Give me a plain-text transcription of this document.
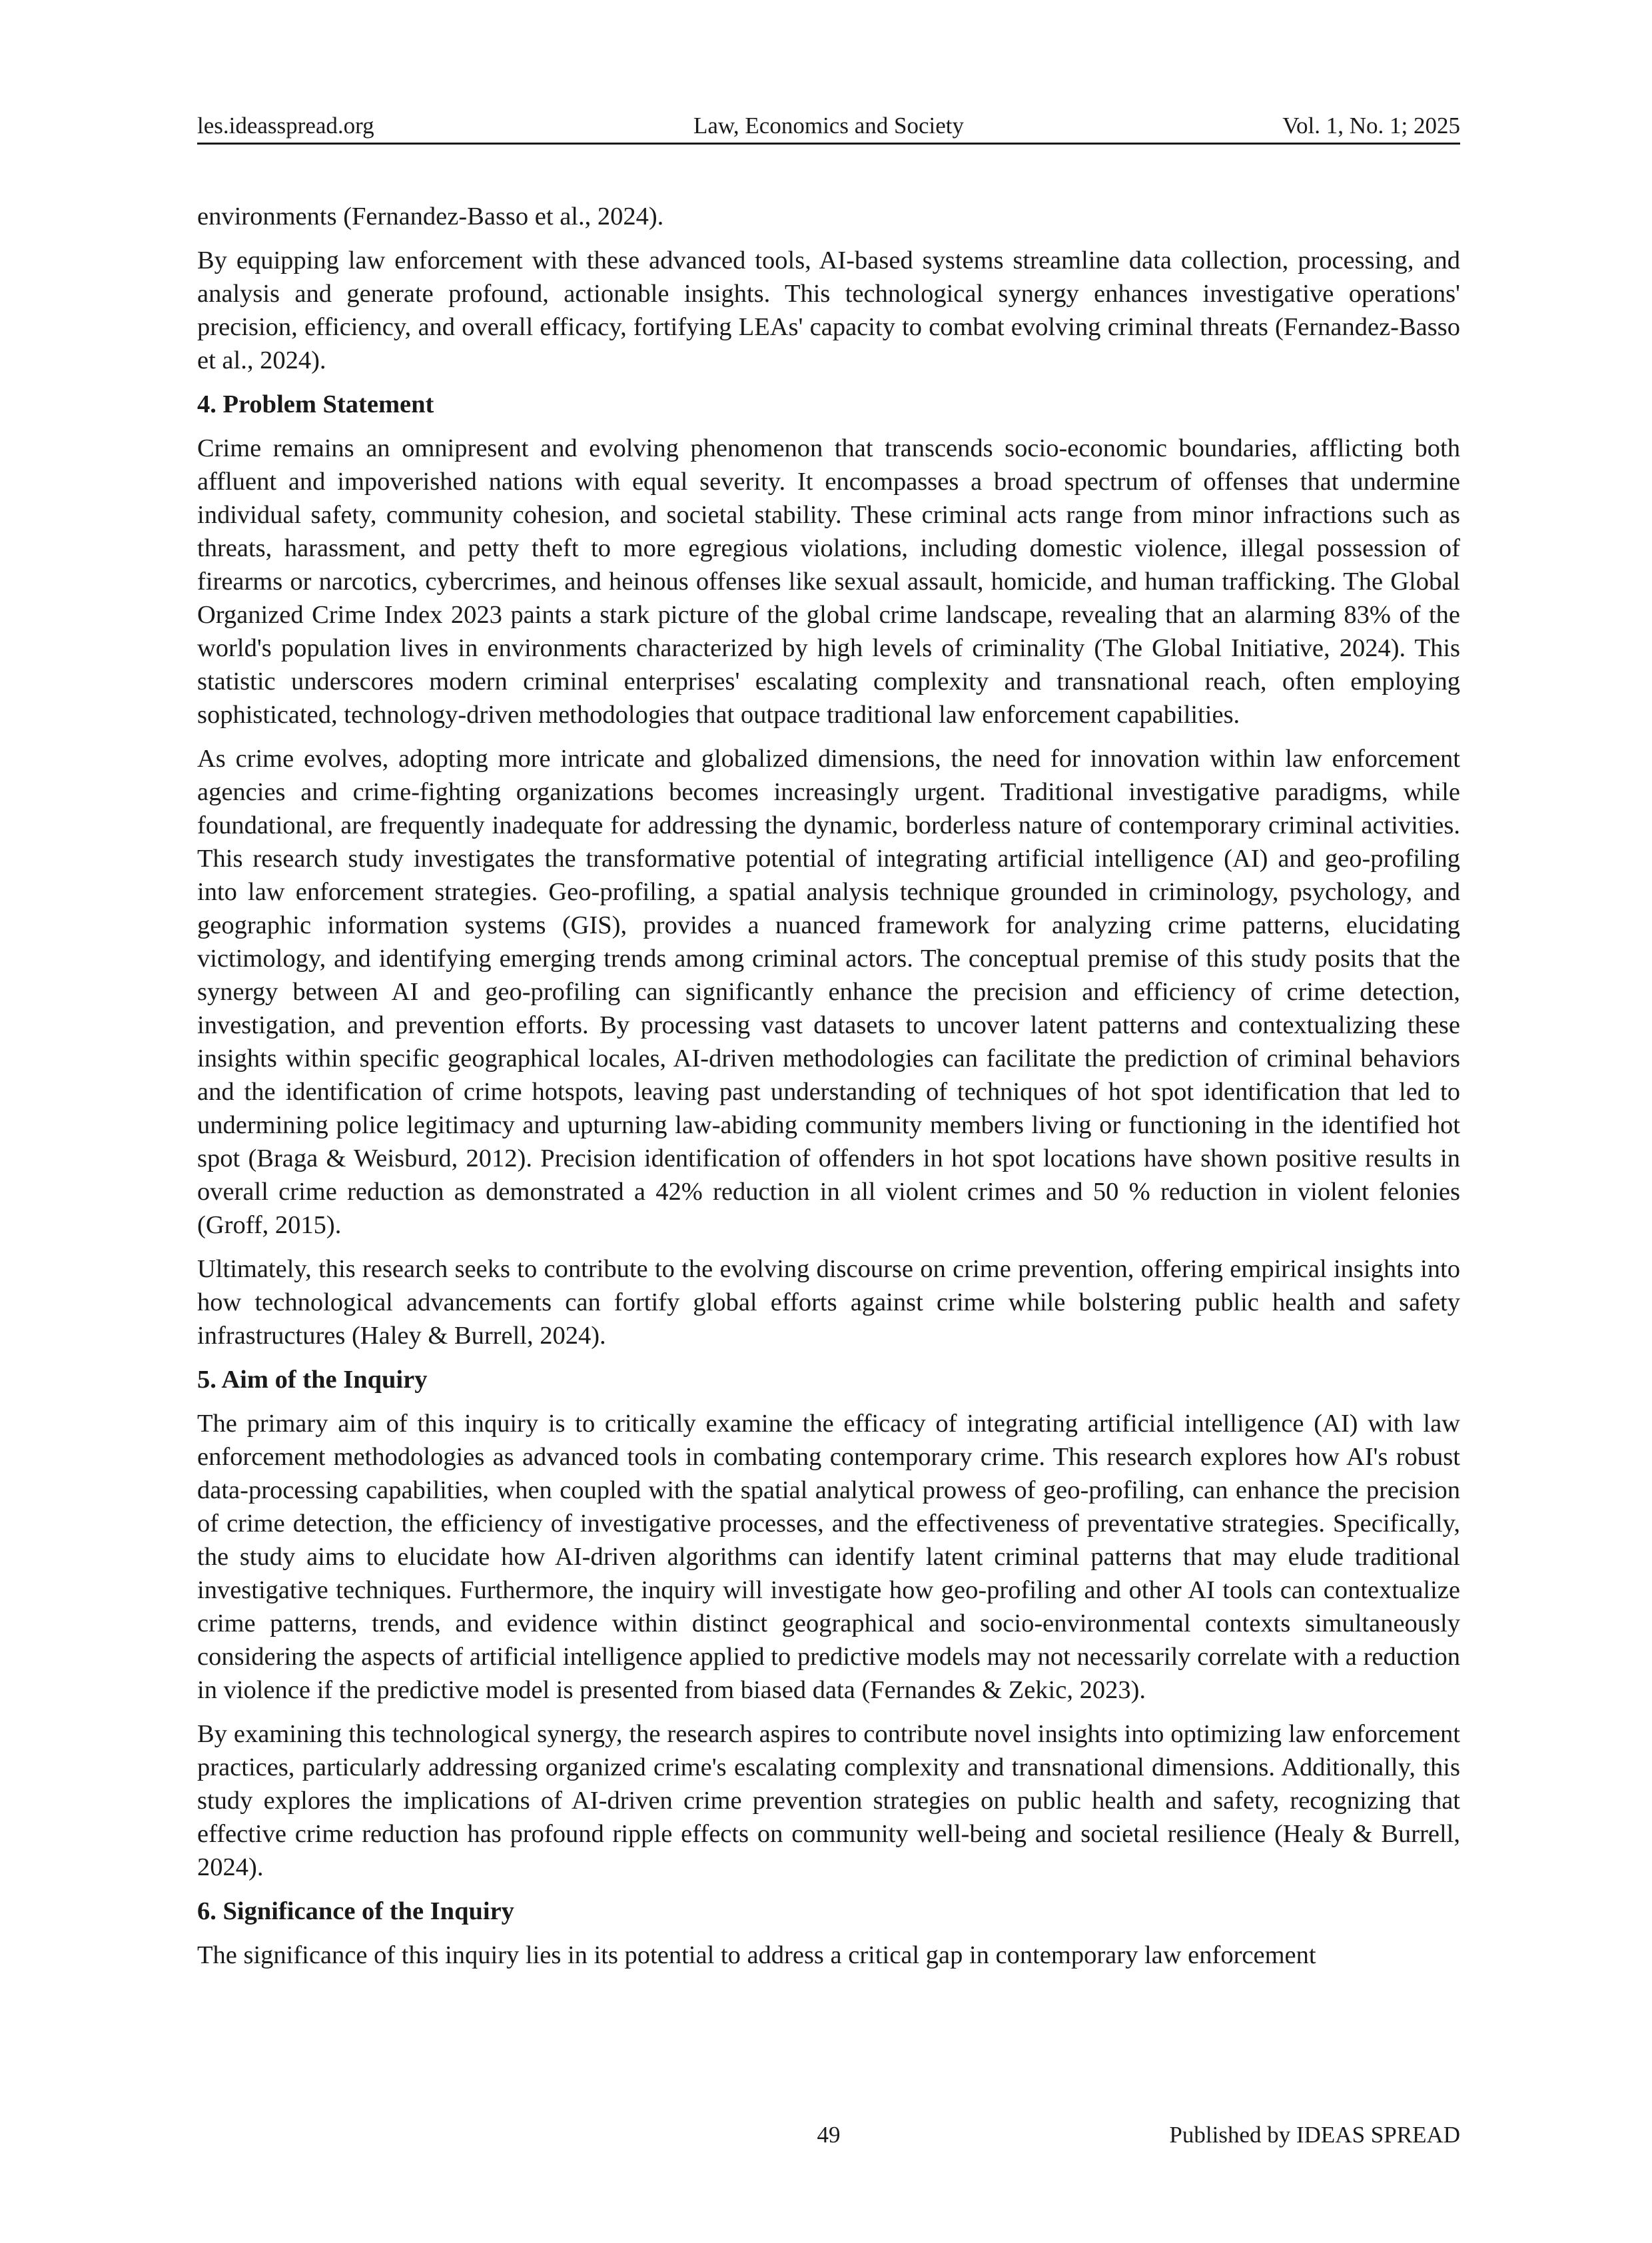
les.ideasspread.org	Law, Economics and Society	Vol. 1, No. 1; 2025

environments (Fernandez-Basso et al., 2024).

By equipping law enforcement with these advanced tools, AI-based systems streamline data collection, processing, and analysis and generate profound, actionable insights. This technological synergy enhances investigative operations' precision, efficiency, and overall efficacy, fortifying LEAs' capacity to combat evolving criminal threats (Fernandez-Basso et al., 2024).

4. Problem Statement

Crime remains an omnipresent and evolving phenomenon that transcends socio-economic boundaries, afflicting both affluent and impoverished nations with equal severity. It encompasses a broad spectrum of offenses that undermine individual safety, community cohesion, and societal stability. These criminal acts range from minor infractions such as threats, harassment, and petty theft to more egregious violations, including domestic violence, illegal possession of firearms or narcotics, cybercrimes, and heinous offenses like sexual assault, homicide, and human trafficking. The Global Organized Crime Index 2023 paints a stark picture of the global crime landscape, revealing that an alarming 83% of the world's population lives in environments characterized by high levels of criminality (The Global Initiative, 2024). This statistic underscores modern criminal enterprises' escalating complexity and transnational reach, often employing sophisticated, technology-driven methodologies that outpace traditional law enforcement capabilities.

As crime evolves, adopting more intricate and globalized dimensions, the need for innovation within law enforcement agencies and crime-fighting organizations becomes increasingly urgent. Traditional investigative paradigms, while foundational, are frequently inadequate for addressing the dynamic, borderless nature of contemporary criminal activities. This research study investigates the transformative potential of integrating artificial intelligence (AI) and geo-profiling into law enforcement strategies. Geo-profiling, a spatial analysis technique grounded in criminology, psychology, and geographic information systems (GIS), provides a nuanced framework for analyzing crime patterns, elucidating victimology, and identifying emerging trends among criminal actors. The conceptual premise of this study posits that the synergy between AI and geo-profiling can significantly enhance the precision and efficiency of crime detection, investigation, and prevention efforts. By processing vast datasets to uncover latent patterns and contextualizing these insights within specific geographical locales, AI-driven methodologies can facilitate the prediction of criminal behaviors and the identification of crime hotspots, leaving past understanding of techniques of hot spot identification that led to undermining police legitimacy and upturning law-abiding community members living or functioning in the identified hot spot (Braga & Weisburd, 2012). Precision identification of offenders in hot spot locations have shown positive results in overall crime reduction as demonstrated a 42% reduction in all violent crimes and 50 % reduction in violent felonies (Groff, 2015).

Ultimately, this research seeks to contribute to the evolving discourse on crime prevention, offering empirical insights into how technological advancements can fortify global efforts against crime while bolstering public health and safety infrastructures (Haley & Burrell, 2024).

5. Aim of the Inquiry

The primary aim of this inquiry is to critically examine the efficacy of integrating artificial intelligence (AI) with law enforcement methodologies as advanced tools in combating contemporary crime. This research explores how AI's robust data-processing capabilities, when coupled with the spatial analytical prowess of geo-profiling, can enhance the precision of crime detection, the efficiency of investigative processes, and the effectiveness of preventative strategies. Specifically, the study aims to elucidate how AI-driven algorithms can identify latent criminal patterns that may elude traditional investigative techniques. Furthermore, the inquiry will investigate how geo-profiling and other AI tools can contextualize crime patterns, trends, and evidence within distinct geographical and socio-environmental contexts simultaneously considering the aspects of artificial intelligence applied to predictive models may not necessarily correlate with a reduction in violence if the predictive model is presented from biased data (Fernandes & Zekic, 2023).

By examining this technological synergy, the research aspires to contribute novel insights into optimizing law enforcement practices, particularly addressing organized crime's escalating complexity and transnational dimensions. Additionally, this study explores the implications of AI-driven crime prevention strategies on public health and safety, recognizing that effective crime reduction has profound ripple effects on community well-being and societal resilience (Healy & Burrell, 2024).

6. Significance of the Inquiry

The significance of this inquiry lies in its potential to address a critical gap in contemporary law enforcement

49	Published by IDEAS SPREAD
